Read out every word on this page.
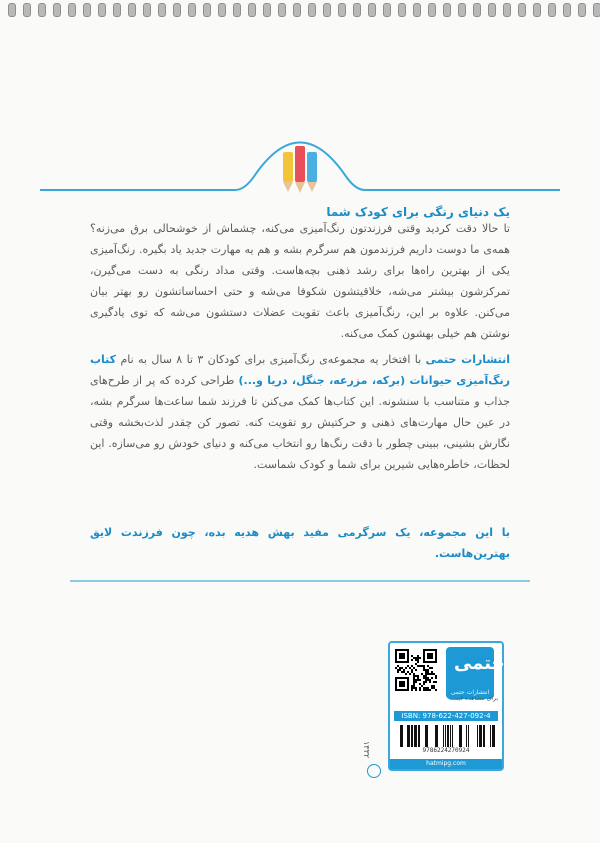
یک دنیای رنگی برای کودک شما

تا حالا دقت کردید وقتی فرزندتون رنگ‌آمیزی می‌کنه، چشماش از خوشحالی برق می‌زنه؟ همه‌ی ما دوست داریم فرزندمون هم سرگرم بشه و هم یه مهارت جدید یاد بگیره. رنگ‌آمیزی یکی از بهترین راه‌ها برای رشد ذهنی بچه‌هاست. وقتی مداد رنگی به دست می‌گیرن، تمرکزشون بیشتر می‌شه، خلاقیتشون شکوفا می‌شه و حتی احساساتشون رو بهتر بیان می‌کنن. علاوه بر این، رنگ‌آمیزی باعث تقویت عضلات دستشون می‌شه که توی یادگیری نوشتن هم خیلی بهشون کمک می‌کنه.

انتشارات حتمی با افتخار یه مجموعه‌ی رنگ‌آمیزی برای کودکان ۳ تا ۸ سال به نام کتاب رنگ‌آمیزی حیوانات (برکه، مزرعه، جنگل، دریا و...) طراحی کرده که پر از طرح‌های جذاب و متناسب با سنشونه. این کتاب‌ها کمک می‌کنن تا فرزند شما ساعت‌ها سرگرم بشه، در عین حال مهارت‌های ذهنی و حرکتیش رو تقویت کنه. تصور کن چقدر لذت‌بخشه وقتی نگارش بشینی، ببینی چطور با دقت رنگ‌ها رو انتخاب می‌کنه و دنیای خودش رو می‌سازه. این لحظات، خاطره‌هایی شیرین برای شما و کودک شماست.

با این مجموعه، یک سرگرمی مفید بهش هدیه بده، چون فرزندت لایق بهترین‌هاست.

۱۳۳۲
حتمی
انتشارات حتمی
برای مشاهده قیمت
ISBN: 978-622-427-092-4
9786224270924
hatmipg.com
